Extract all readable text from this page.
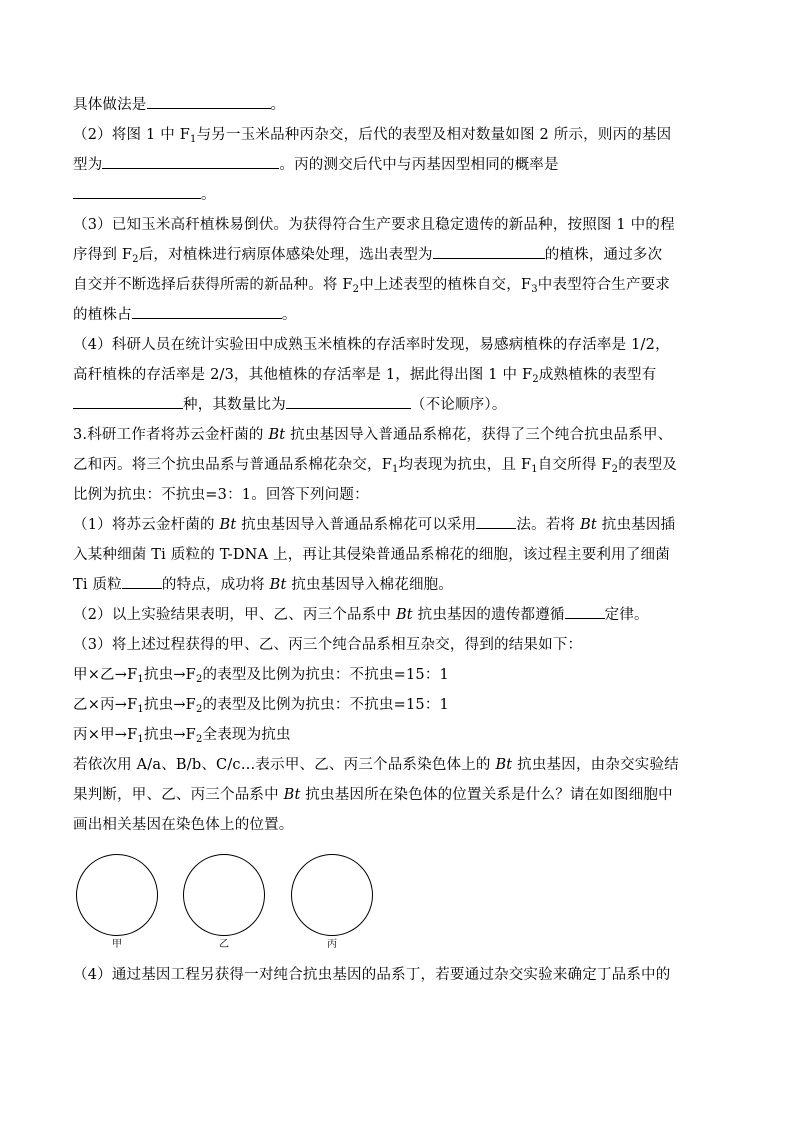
具体做法是	。
（2）将图 1 中 $F_1$与另一玉米品种丙杂交，后代的表型及相对数量如图 2 所示，则丙的基因
型为	。丙的测交后代中与丙基因型相同的概率是
。
（3）已知玉米高秆植株易倒伏。为获得符合生产要求且稳定遗传的新品种，按照图 1 中的程
序得到 $F_2$后，对植株进行病原体感染处理，选出表型为	的植株，通过多次
自交并不断选择后获得所需的新品种。将 $F_2$中上述表型的植株自交，$F_3$中表型符合生产要求
的植株占	。
（4）科研人员在统计实验田中成熟玉米植株的存活率时发现，易感病植株的存活率是 1/2，
高秆植株的存活率是 2/3，其他植株的存活率是 1，据此得出图 1 中 $F_2$成熟植株的表型有
种，其数量比为	（不论顺序）。
3.科研工作者将苏云金杆菌的 Bt 抗虫基因导入普通品系棉花，获得了三个纯合抗虫品系甲、
乙和丙。将三个抗虫品系与普通品系棉花杂交，$F_1$均表现为抗虫，且 $F_1$自交所得 $F_2$的表型及
比例为抗虫：不抗虫=3：1。回答下列问题：
（1）将苏云金杆菌的 Bt 抗虫基因导入普通品系棉花可以采用	法。若将 Bt 抗虫基因插
入某种细菌 Ti 质粒的 T-DNA 上，再让其侵染普通品系棉花的细胞，该过程主要利用了细菌
Ti 质粒	的特点，成功将 Bt 抗虫基因导入棉花细胞。
（2）以上实验结果表明，甲、乙、丙三个品系中 Bt 抗虫基因的遗传都遵循	定律。
（3）将上述过程获得的甲、乙、丙三个纯合品系相互杂交，得到的结果如下：
甲×乙$\to F_1$抗虫$\to F_2$的表型及比例为抗虫：不抗虫=15：1
乙×丙$\to F_1$抗虫$\to F_2$的表型及比例为抗虫：不抗虫=15：1
丙×甲$\to F_1$抗虫$\to F_2$全表现为抗虫
若依次用 A/a、B/b、C/c…表示甲、乙、丙三个品系染色体上的 Bt 抗虫基因，由杂交实验结
果判断，甲、乙、丙三个品系中 Bt 抗虫基因所在染色体的位置关系是什么？请在如图细胞中
画出相关基因在染色体上的位置。
甲	乙	丙
（4）通过基因工程另获得一对纯合抗虫基因的品系丁，若要通过杂交实验来确定丁品系中的
